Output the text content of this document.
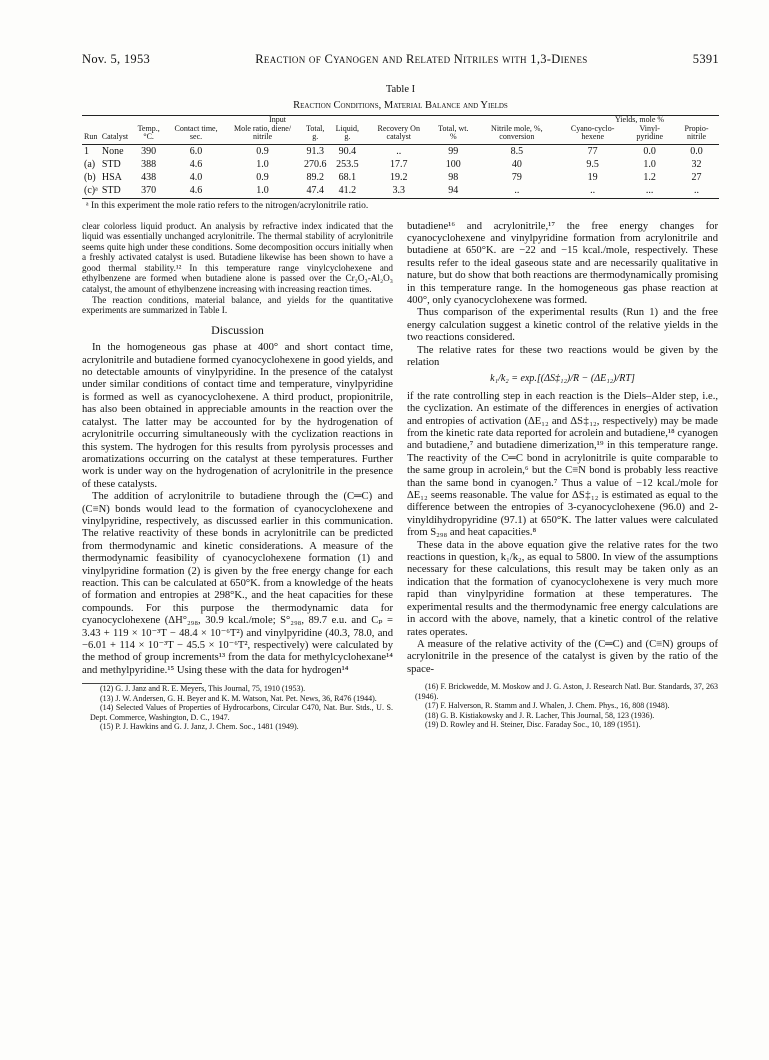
Nov. 5, 1953	Reaction of Cyanogen and Related Nitriles with 1,3-Dienes	5391
Table I
Reaction Conditions, Material Balance and Yields
				Input						Yields, mole %		
Run	Catalyst	Temp., °C.	Contact time, sec.	Mole ratio, diene/ nitrile	Total, g.	Liquid, g.	Recovery On catalyst	Total, wt. %	Nitrile mole, %, conversion	Cyano-cyclo-hexene	Vinyl-pyridine	Propio-nitrile
1	None	390	6.0	0.9	91.3	90.4	..	99	8.5	77	0.0	0.0
(a)	STD	388	4.6	1.0	270.6	253.5	17.7	100	40	9.5	1.0	32
(b)	HSA	438	4.0	0.9	89.2	68.1	19.2	98	79	19	1.2	27
(c)ᵃ	STD	370	4.6	1.0	47.4	41.2	3.3	94	..	..	...	..
ᵃ In this experiment the mole ratio refers to the nitrogen/acrylonitrile ratio.

clear colorless liquid product. An analysis by refractive index indicated that the liquid was essentially unchanged acrylonitrile. The thermal stability of acrylonitrile seems quite high under these conditions. Some decomposition occurs initially when a freshly activated catalyst is used. Butadiene likewise has been shown to have a good thermal stability.¹² In this temperature range vinylcyclohexene and ethylbenzene are formed when butadiene alone is passed over the Cr₂O₃-Al₂O₃ catalyst, the amount of ethylbenzene increasing with increasing reaction times.

The reaction conditions, material balance, and yields for the quantitative experiments are summarized in Table I.

Discussion

In the homogeneous gas phase at 400° and short contact time, acrylonitrile and butadiene formed cyanocyclohexene in good yields, and no detectable amounts of vinylpyridine. In the presence of the catalyst under similar conditions of contact time and temperature, vinylpyridine is formed as well as cyanocyclohexene. A third product, propionitrile, has also been obtained in appreciable amounts in the reaction over the catalyst. The latter may be accounted for by the hydrogenation of acrylonitrile occurring simultaneously with the cyclization reactions in this system. The hydrogen for this results from pyrolysis processes and aromatizations occurring on the catalyst at these temperatures. Further work is under way on the hydrogenation of acrylonitrile in the presence of these catalysts.

The addition of acrylonitrile to butadiene through the (C═C) and (C≡N) bonds would lead to the formation of cyanocyclohexene and vinylpyridine, respectively, as discussed earlier in this communication. The relative reactivity of these bonds in acrylonitrile can be predicted from thermodynamic and kinetic considerations. A measure of the thermodynamic feasibility of cyanocyclohexene formation (1) and vinylpyridine formation (2) is given by the free energy change for each reaction. This can be calculated at 650°K. from a knowledge of the heats of formation and entropies at 298°K., and the heat capacities for these compounds. For this purpose the thermodynamic data for cyanocyclohexene (ΔH°₂₉₈, 30.9 kcal./mole; S°₂₉₈, 89.7 e.u. and Cₚ = 3.43 + 119 × 10⁻³T − 48.4 × 10⁻⁶T²) and vinylpyridine (40.3, 78.0, and −6.01 + 114 × 10⁻³T − 45.5 × 10⁻⁶T², respectively) were calculated by the method of group increments¹³ from the data for methylcyclohexane¹⁴ and methylpyridine.¹⁵ Using these with the data for hydrogen¹⁴

(12) G. J. Janz and R. E. Meyers, This Journal, 75, 1910 (1953).

(13) J. W. Andersen, G. H. Beyer and K. M. Watson, Nat. Pet. News, 36, R476 (1944).

(14) Selected Values of Properties of Hydrocarbons, Circular C470, Nat. Bur. Stds., U. S. Dept. Commerce, Washington, D. C., 1947.

(15) P. J. Hawkins and G. J. Janz, J. Chem. Soc., 1481 (1949).

butadiene¹⁶ and acrylonitrile,¹⁷ the free energy changes for cyanocyclohexene and vinylpyridine formation from acrylonitrile and butadiene at 650°K. are −22 and −15 kcal./mole, respectively. These results refer to the ideal gaseous state and are necessarily qualitative in nature, but do show that both reactions are thermodynamically promising in this temperature range. In the homogeneous gas phase reaction at 400°, only cyanocyclohexene was formed.

Thus comparison of the experimental results (Run 1) and the free energy calculation suggest a kinetic control of the relative yields in the two reactions considered.

The relative rates for these two reactions would be given by the relation

k₁/k₂ = exp.[(ΔS‡₁₂)/R − (ΔE₁₂)/RT]

if the rate controlling step in each reaction is the Diels–Alder step, i.e., the cyclization. An estimate of the differences in energies of activation and entropies of activation (ΔE₁₂ and ΔS‡₁₂, respectively) may be made from the kinetic rate data reported for acrolein and butadiene,¹⁸ cyanogen and butadiene,⁷ and butadiene dimerization,¹⁹ in this temperature range. The reactivity of the C═C bond in acrylonitrile is quite comparable to the same group in acrolein,⁶ but the C≡N bond is probably less reactive than the same bond in cyanogen.⁷ Thus a value of −12 kcal./mole for ΔE₁₂ seems reasonable. The value for ΔS‡₁₂ is estimated as equal to the difference between the entropies of 3-cyanocyclohexene (96.0) and 2-vinyldihydropyridine (97.1) at 650°K. The latter values were calculated from S₂₉₈ and heat capacities.⁸

These data in the above equation give the relative rates for the two reactions in question, k₁/k₂, as equal to 5800. In view of the assumptions necessary for these calculations, this result may be taken only as an indication that the formation of cyanocyclohexene is very much more rapid than vinylpyridine formation at these temperatures. The experimental results and the thermodynamic free energy calculations are in accord with the above, namely, that a kinetic control of the relative rates operates.

A measure of the relative activity of the (C═C) and (C≡N) groups of acrylonitrile in the presence of the catalyst is given by the ratio of the space-

(16) F. Brickwedde, M. Moskow and J. G. Aston, J. Research Natl. Bur. Standards, 37, 263 (1946).

(17) F. Halverson, R. Stamm and J. Whalen, J. Chem. Phys., 16, 808 (1948).

(18) G. B. Kistiakowsky and J. R. Lacher, This Journal, 58, 123 (1936).

(19) D. Rowley and H. Steiner, Disc. Faraday Soc., 10, 189 (1951).
